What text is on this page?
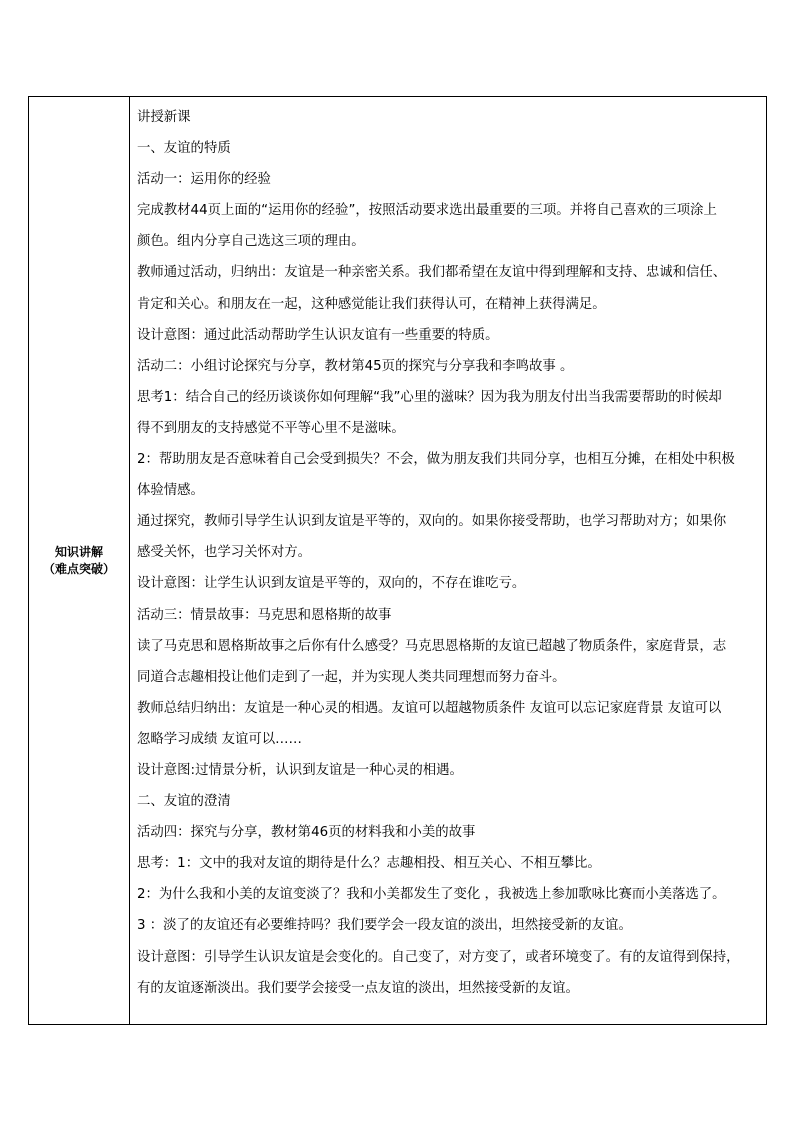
知识讲解
（难点突破）
讲授新课
一、友谊的特质
活动一：运用你的经验
完成教材44页上面的“运用你的经验”，按照活动要求选出最重要的三项。并将自己喜欢的三项涂上
颜色。组内分享自己选这三项的理由。
教师通过活动，归纳出：友谊是一种亲密关系。我们都希望在友谊中得到理解和支持、忠诚和信任、
肯定和关心。和朋友在一起，这种感觉能让我们获得认可，在精神上获得满足。
设计意图：通过此活动帮助学生认识友谊有一些重要的特质。
活动二：小组讨论探究与分享，教材第45页的探究与分享我和李鸣故事 。
思考1：结合自己的经历谈谈你如何理解“我”心里的滋味？因为我为朋友付出当我需要帮助的时候却
得不到朋友的支持感觉不平等心里不是滋味。
2：帮助朋友是否意味着自己会受到损失？不会，做为朋友我们共同分享，也相互分摊，在相处中积极
体验情感。
通过探究，教师引导学生认识到友谊是平等的，双向的。如果你接受帮助，也学习帮助对方；如果你
感受关怀，也学习关怀对方。
设计意图：让学生认识到友谊是平等的，双向的，不存在谁吃亏。
活动三：情景故事：马克思和恩格斯的故事
读了马克思和恩格斯故事之后你有什么感受？马克思恩格斯的友谊已超越了物质条件，家庭背景，志
同道合志趣相投让他们走到了一起，并为实现人类共同理想而努力奋斗。
教师总结归纳出：友谊是一种心灵的相遇。友谊可以超越物质条件 友谊可以忘记家庭背景 友谊可以
忽略学习成绩 友谊可以……
设计意图:过情景分析，认识到友谊是一种心灵的相遇。
二、友谊的澄清
活动四：探究与分享，教材第46页的材料我和小美的故事
思考：1：文中的我对友谊的期待是什么？志趣相投、相互关心、不相互攀比。
2：为什么我和小美的友谊变淡了？我和小美都发生了变化 ，我被选上参加歌咏比赛而小美落选了。
3 ：淡了的友谊还有必要维持吗？我们要学会一段友谊的淡出，坦然接受新的友谊。
设计意图：引导学生认识友谊是会变化的。自己变了，对方变了，或者环境变了。有的友谊得到保持，
有的友谊逐渐淡出。我们要学会接受一点友谊的淡出，坦然接受新的友谊。
